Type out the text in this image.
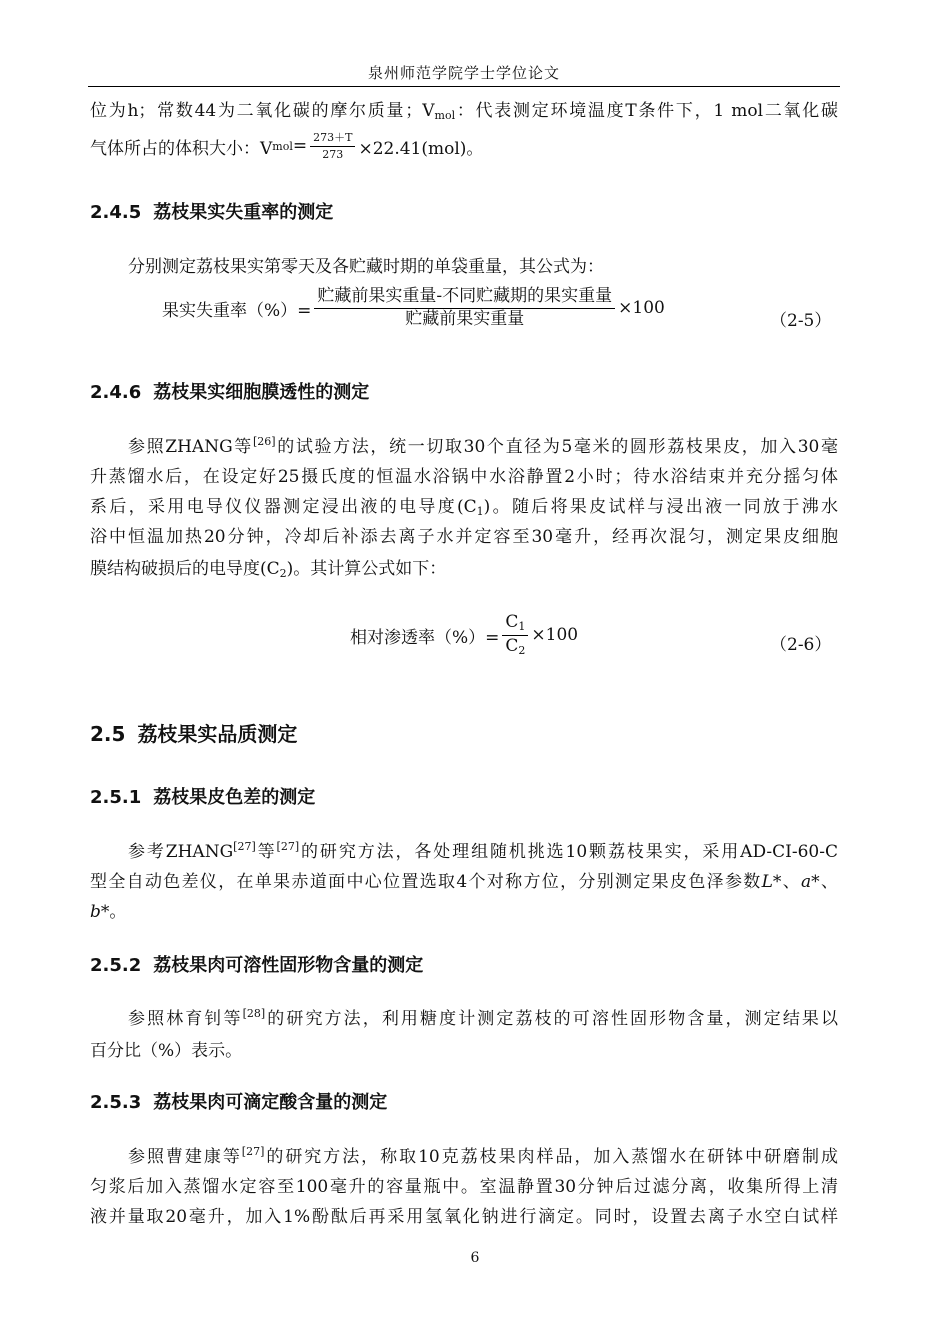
泉州师范学院学士学位论文
位为h；常数44为二氧化碳的摩尔质量；$V_{mol}$：代表测定环境温度T条件下，1 mol二氧化碳
气体所占的体积大小：V mol = $\frac{273+T}{273} \times 22.41(mol)$。
2.4.5 荔枝果实失重率的测定
分别测定荔枝果实第零天及各贮藏时期的单袋重量，其公式为：
果实失重率（%）= $\frac{\text{贮藏前果实重量-不同贮藏期的果实重量}}{\text{贮藏前果实重量}} \times 100$
（2-5）
2.4.6 荔枝果实细胞膜透性的测定
参照ZHANG等[26]的试验方法，统一切取30个直径为5毫米的圆形荔枝果皮，加入30毫
升蒸馏水后，在设定好25摄氏度的恒温水浴锅中水浴静置2小时；待水浴结束并充分摇匀体
系后，采用电导仪仪器测定浸出液的电导度$(C_1)$。随后将果皮试样与浸出液一同放于沸水
浴中恒温加热20分钟，冷却后补添去离子水并定容至30毫升，经再次混匀，测定果皮细胞
膜结构破损后的电导度$(C_2)$。其计算公式如下：
相对渗透率（%）= $\frac{C_1}{C_2} \times 100$	（2-6）
2.5 荔枝果实品质测定
2.5.1 荔枝果皮色差的测定
参考ZHANG[27]等[27]的研究方法，各处理组随机挑选10颗荔枝果实，采用AD-CI-60-C
型全自动色差仪，在单果赤道面中心位置选取4个对称方位，分别测定果皮色泽参数L*、a*、
b*。
2.5.2 荔枝果肉可溶性固形物含量的测定
参照林育钊等[28]的研究方法，利用糖度计测定荔枝的可溶性固形物含量，测定结果以
百分比（%）表示。
2.5.3 荔枝果肉可滴定酸含量的测定
参照曹建康等[27]的研究方法，称取10克荔枝果肉样品，加入蒸馏水在研钵中研磨制成
匀浆后加入蒸馏水定容至100毫升的容量瓶中。室温静置30分钟后过滤分离，收集所得上清
液并量取20毫升，加入1%酚酞后再采用氢氧化钠进行滴定。同时，设置去离子水空白试样
6
